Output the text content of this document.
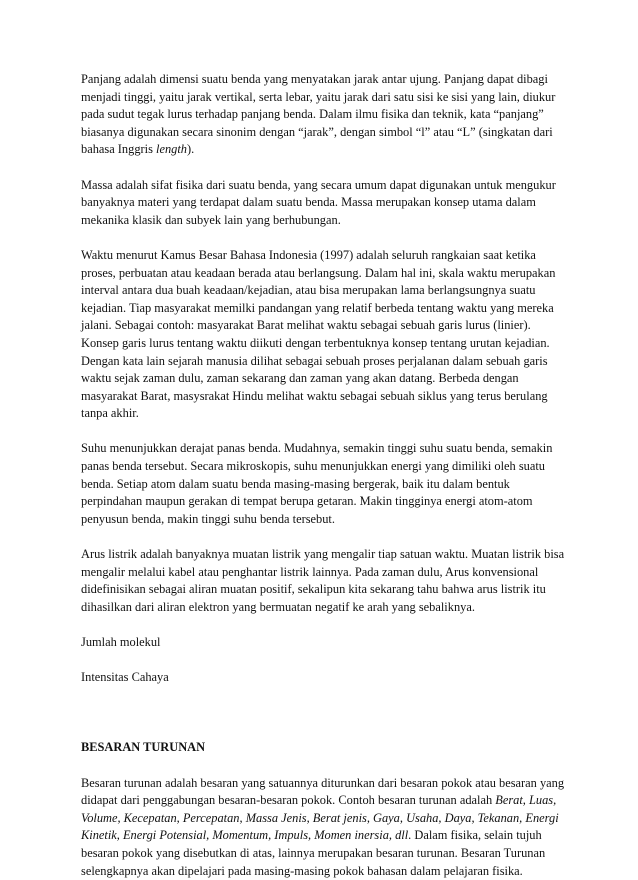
Panjang adalah dimensi suatu benda yang menyatakan jarak antar ujung. Panjang dapat dibagi menjadi tinggi, yaitu jarak vertikal, serta lebar, yaitu jarak dari satu sisi ke sisi yang lain, diukur pada sudut tegak lurus terhadap panjang benda. Dalam ilmu fisika dan teknik, kata “panjang” biasanya digunakan secara sinonim dengan “jarak”, dengan simbol “l” atau “L” (singkatan dari bahasa Inggris length).

Massa adalah sifat fisika dari suatu benda, yang secara umum dapat digunakan untuk mengukur banyaknya materi yang terdapat dalam suatu benda. Massa merupakan konsep utama dalam mekanika klasik dan subyek lain yang berhubungan.

Waktu menurut Kamus Besar Bahasa Indonesia (1997) adalah seluruh rangkaian saat ketika proses, perbuatan atau keadaan berada atau berlangsung. Dalam hal ini, skala waktu merupakan interval antara dua buah keadaan/kejadian, atau bisa merupakan lama berlangsungnya suatu kejadian. Tiap masyarakat memilki pandangan yang relatif berbeda tentang waktu yang mereka jalani. Sebagai contoh: masyarakat Barat melihat waktu sebagai sebuah garis lurus (linier). Konsep garis lurus tentang waktu diikuti dengan terbentuknya konsep tentang urutan kejadian. Dengan kata lain sejarah manusia dilihat sebagai sebuah proses perjalanan dalam sebuah garis waktu sejak zaman dulu, zaman sekarang dan zaman yang akan datang. Berbeda dengan masyarakat Barat, masysrakat Hindu melihat waktu sebagai sebuah siklus yang terus berulang tanpa akhir.

Suhu menunjukkan derajat panas benda. Mudahnya, semakin tinggi suhu suatu benda, semakin panas benda tersebut. Secara mikroskopis, suhu menunjukkan energi yang dimiliki oleh suatu benda. Setiap atom dalam suatu benda masing-masing bergerak, baik itu dalam bentuk perpindahan maupun gerakan di tempat berupa getaran. Makin tingginya energi atom-atom penyusun benda, makin tinggi suhu benda tersebut.

Arus listrik adalah banyaknya muatan listrik yang mengalir tiap satuan waktu. Muatan listrik bisa mengalir melalui kabel atau penghantar listrik lainnya. Pada zaman dulu, Arus konvensional didefinisikan sebagai aliran muatan positif, sekalipun kita sekarang tahu bahwa arus listrik itu dihasilkan dari aliran elektron yang bermuatan negatif ke arah yang sebaliknya.

Jumlah molekul

Intensitas Cahaya

BESARAN TURUNAN

Besaran turunan adalah besaran yang satuannya diturunkan dari besaran pokok atau besaran yang didapat dari penggabungan besaran-besaran pokok. Contoh besaran turunan adalah Berat, Luas, Volume, Kecepatan, Percepatan, Massa Jenis, Berat jenis, Gaya, Usaha, Daya, Tekanan, Energi Kinetik, Energi Potensial, Momentum, Impuls, Momen inersia, dll. Dalam fisika, selain tujuh besaran pokok yang disebutkan di atas, lainnya merupakan besaran turunan. Besaran Turunan selengkapnya akan dipelajari pada masing-masing pokok bahasan dalam pelajaran fisika.
